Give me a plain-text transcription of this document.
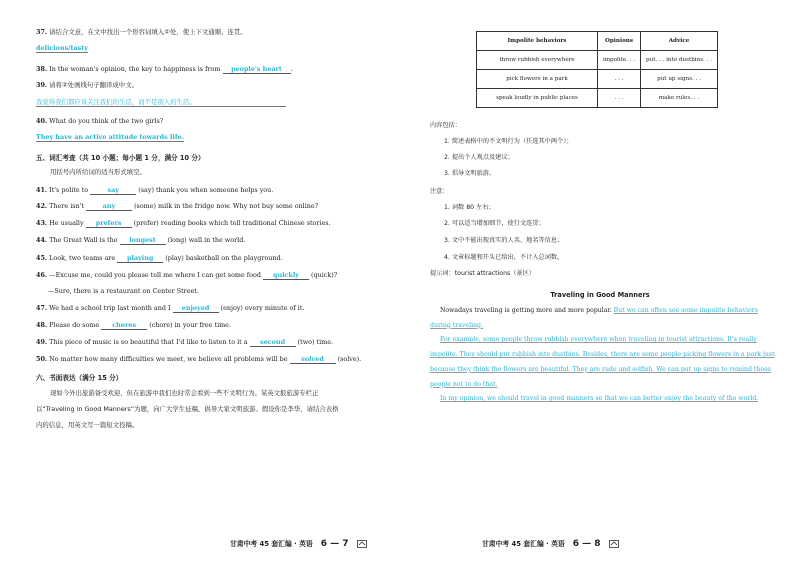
37. 请结合文意，在文中找出一个形容词填入①处，使上下文通顺、连贯。
delicious/tasty
38. In the woman's opinion, the key to happiness is from people's heart .
39. 请将②处画线句子翻译成中文。
我觉得我们都应该关注我们的生活，而不是别人的生活。
40. What do you think of the two girls?
They have an active attitude towards life.
五、词汇考查（共 10 小题；每小题 1 分，满分 10 分）
用括号内所给词的适当形式填空。
41. It's polite to	say	(say) thank you when someone helps you.
42. There isn't	any	(some) milk in the fridge now. Why not buy some online?
43. He usually prefers (prefer) reading books which tell traditional Chinese stories.
44. The Great Wall is the longest (long) wall in the world.
45. Look, two teams are playing (play) basketball on the playground.
46. —Excuse me, could you please tell me where I can get some food quickly (quick)?
47. We had a school trip last month and I enjoyed (enjoy) every minute of it.
48. Please do some chores (chore) in your free time.
49. This piece of music is so beautiful that I'd like to listen to it a second (two) time.
50. No matter how many difficulties we meet, we believe all problems will be solved (solve).
—Sure, there is a restaurant on Center Street.
六、书面表达（满分 15 分）
现如今外出旅游备受欢迎，但在旅游中我们也时常会看到一些不文明行为。某英文报旅游专栏正
以“Traveling in Good Manners”为题，向广大学生征稿，倡导大家文明旅游。假设你是李华，请结合表格
内的信息，用英文写一篇短文投稿。
甘肃中考 45 套汇编 · 英语 6 — 7
Impolite behaviors	Opinions	Advice
throw rubbish everywhere	impolite. . .	put. . . into dustbins. . .
pick flowers in a park	. . .	put up signs. . .
speak loudly in public places	. . .	make rules. . .
内容包括：
1. 简述表格中的不文明行为（任选其中两个）；
2. 提出个人观点及建议；
3. 倡导文明旅游。
注意：
1. 词数 80 左右；
2. 可以适当增加细节，使行文连贯；
3. 文中不能出现真实的人名、地名等信息；
4. 文章标题和开头已给出，不计入总词数。
提示词：tourist attractions（景区）
Traveling in Good Manners
Nowadays traveling is getting more and more popular. But we can often see some impolite behaviors
during traveling.
For example, some people throw rubbish everywhere when traveling in tourist attractions. It's really
impolite. They should put rubbish into dustbins. Besides, there are some people picking flowers in a park just
because they think the flowers are beautiful. They are rude and selfish. We can put up signs to remind those
people not to do that.
In my opinion, we should travel in good manners so that we can better enjoy the beauty of the world.
甘肃中考 45 套汇编 · 英语 6 — 8
